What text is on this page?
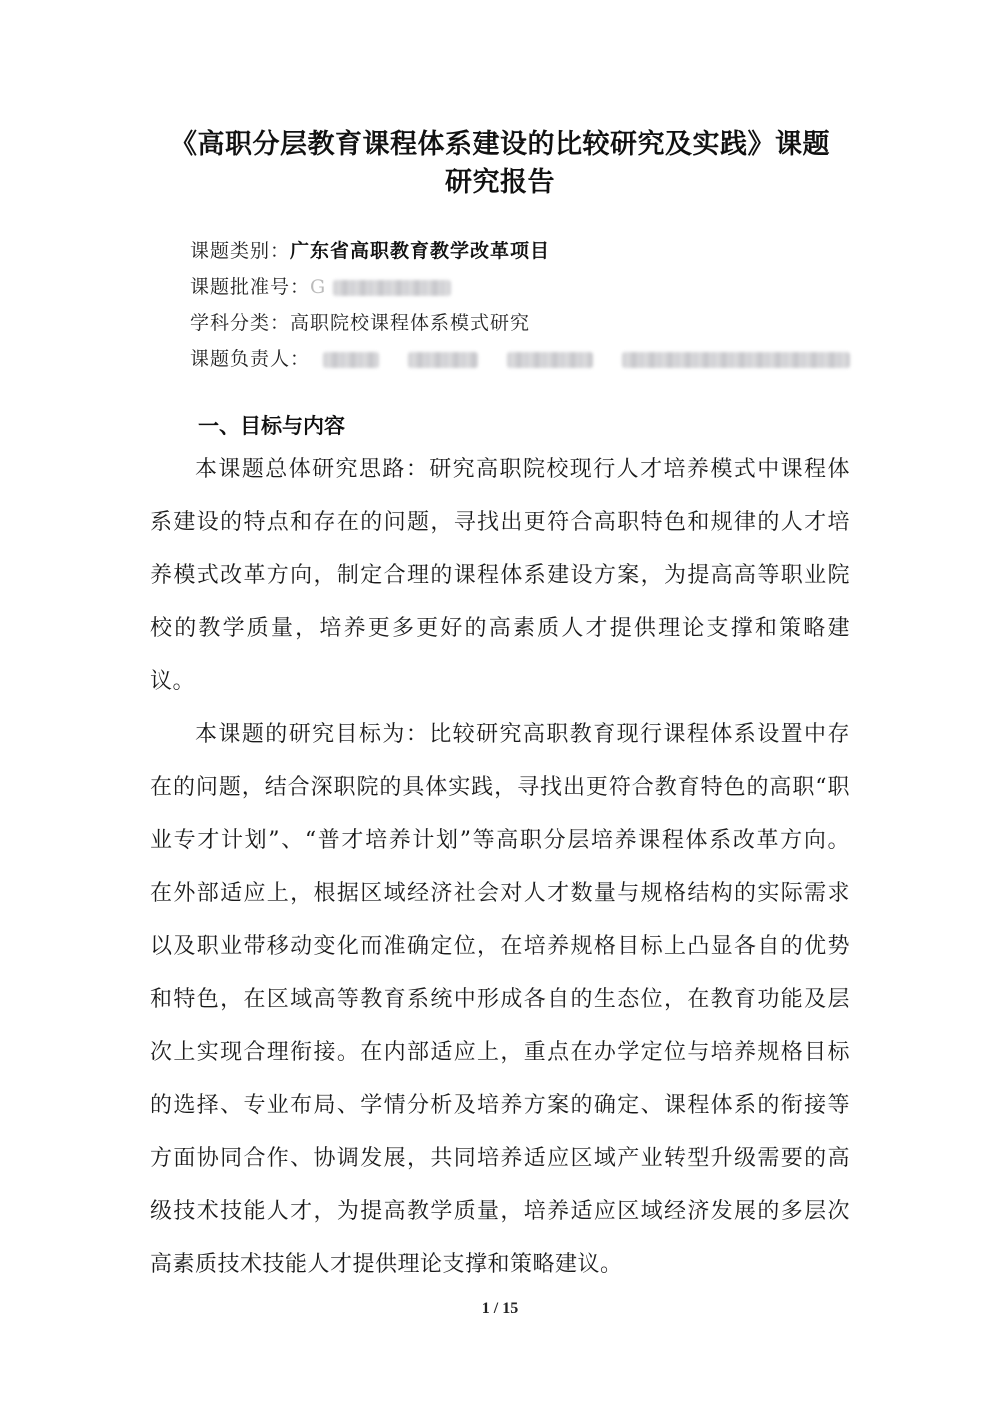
《高职分层教育课程体系建设的比较研究及实践》课题
研究报告
课题类别：广东省高职教育教学改革项目
课题批准号：G
学科分类：高职院校课程体系模式研究
课题负责人：
一、目标与内容
本课题总体研究思路：研究高职院校现行人才培养模式中课程体
系建设的特点和存在的问题，寻找出更符合高职特色和规律的人才培
养模式改革方向，制定合理的课程体系建设方案，为提高高等职业院
校的教学质量，培养更多更好的高素质人才提供理论支撑和策略建
议。
本课题的研究目标为：比较研究高职教育现行课程体系设置中存
在的问题，结合深职院的具体实践，寻找出更符合教育特色的高职“职
业专才计划”、“普才培养计划”等高职分层培养课程体系改革方向。
在外部适应上，根据区域经济社会对人才数量与规格结构的实际需求
以及职业带移动变化而准确定位，在培养规格目标上凸显各自的优势
和特色，在区域高等教育系统中形成各自的生态位，在教育功能及层
次上实现合理衔接。在内部适应上，重点在办学定位与培养规格目标
的选择、专业布局、学情分析及培养方案的确定、课程体系的衔接等
方面协同合作、协调发展，共同培养适应区域产业转型升级需要的高
级技术技能人才，为提高教学质量，培养适应区域经济发展的多层次
高素质技术技能人才提供理论支撑和策略建议。
1 / 15
